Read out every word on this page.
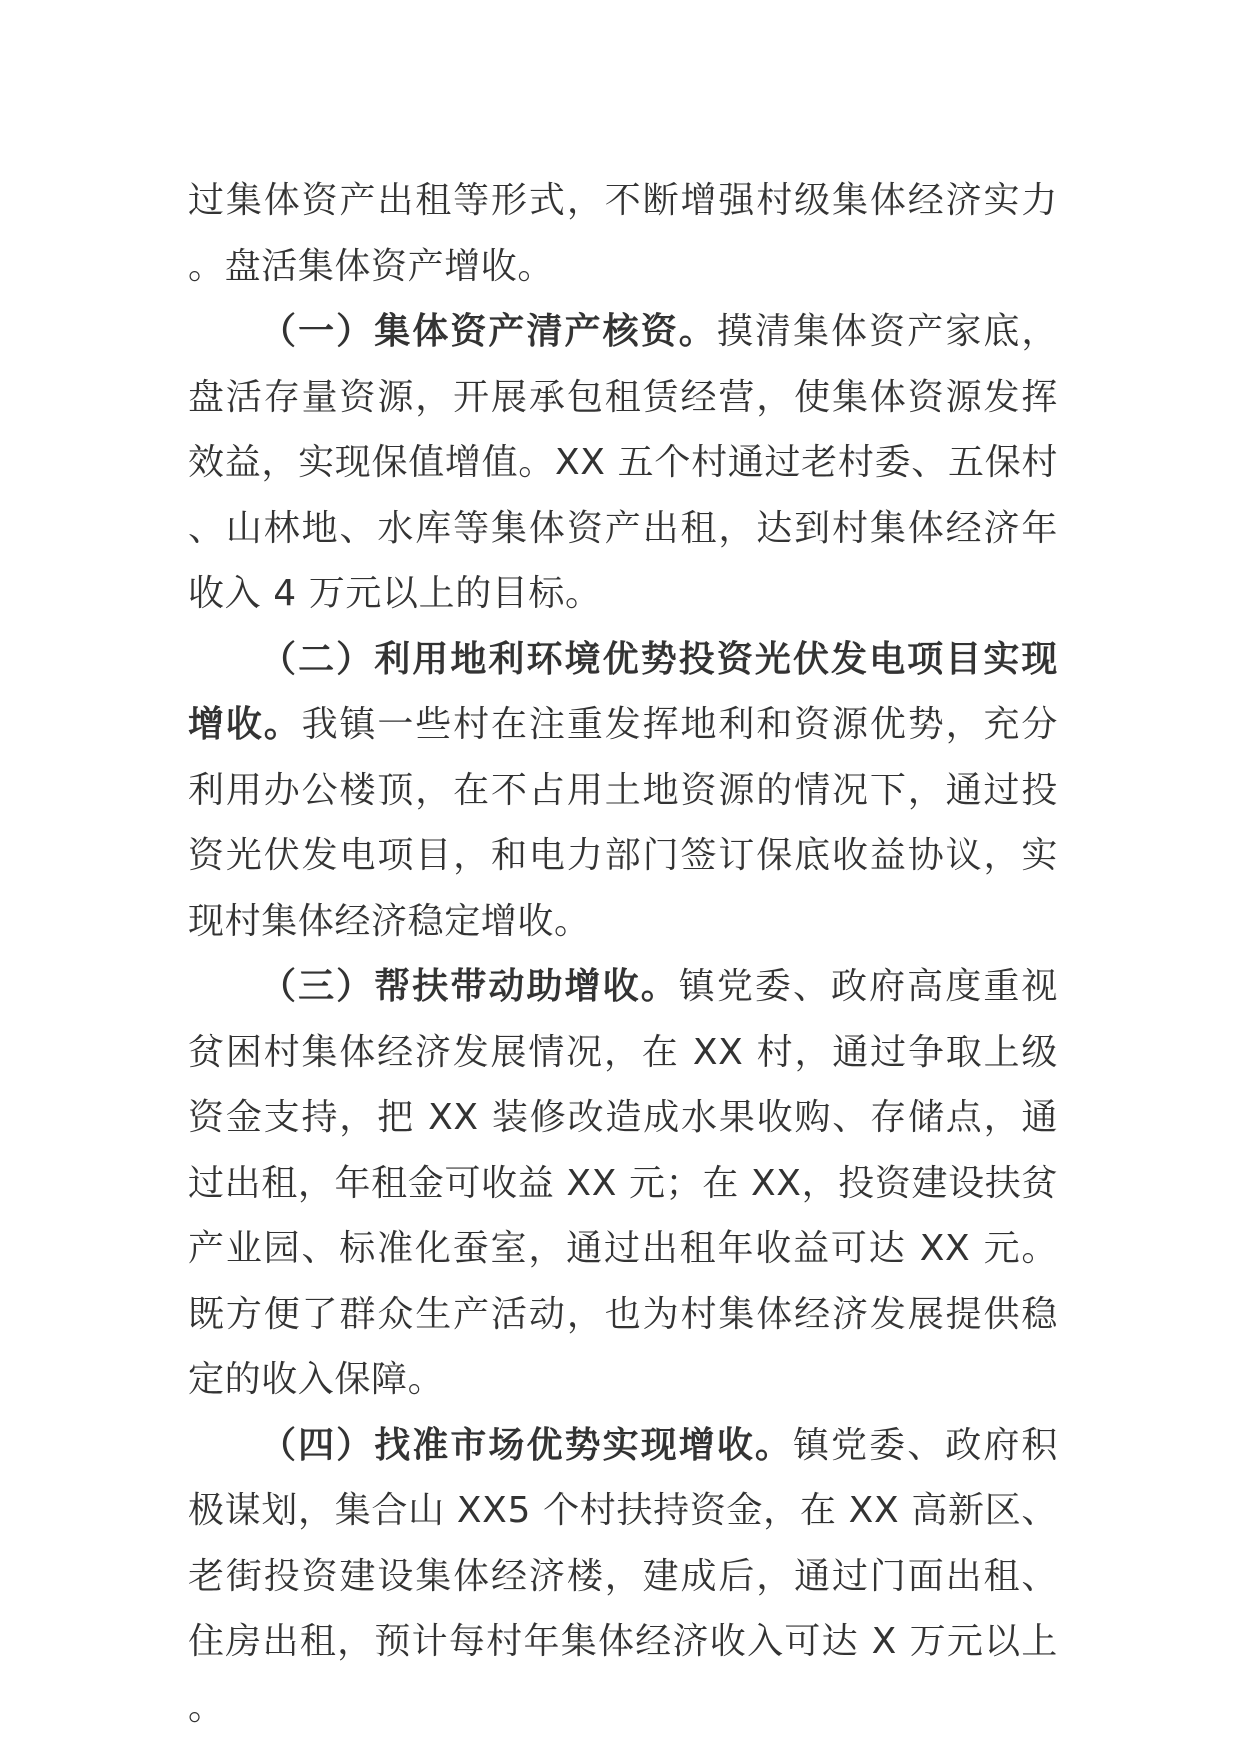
过集体资产出租等形式，不断增强村级集体经济实力。盘活集体资产增收。

（一）集体资产清产核资。摸清集体资产家底，盘活存量资源，开展承包租赁经营，使集体资源发挥效益，实现保值增值。XX 五个村通过老村委、五保村、山林地、水库等集体资产出租，达到村集体经济年收入 4 万元以上的目标。

（二）利用地利环境优势投资光伏发电项目实现增收。我镇一些村在注重发挥地利和资源优势，充分利用办公楼顶，在不占用土地资源的情况下，通过投资光伏发电项目，和电力部门签订保底收益协议，实现村集体经济稳定增收。

（三）帮扶带动助增收。镇党委、政府高度重视贫困村集体经济发展情况，在 XX 村，通过争取上级资金支持，把 XX 装修改造成水果收购、存储点，通过出租，年租金可收益 XX 元；在 XX，投资建设扶贫产业园、标准化蚕室，通过出租年收益可达 XX 元。既方便了群众生产活动，也为村集体经济发展提供稳定的收入保障。

（四）找准市场优势实现增收。镇党委、政府积极谋划，集合山 XX5 个村扶持资金，在 XX 高新区、老街投资建设集体经济楼，建成后，通过门面出租、住房出租，预计每村年集体经济收入可达 X 万元以上。
